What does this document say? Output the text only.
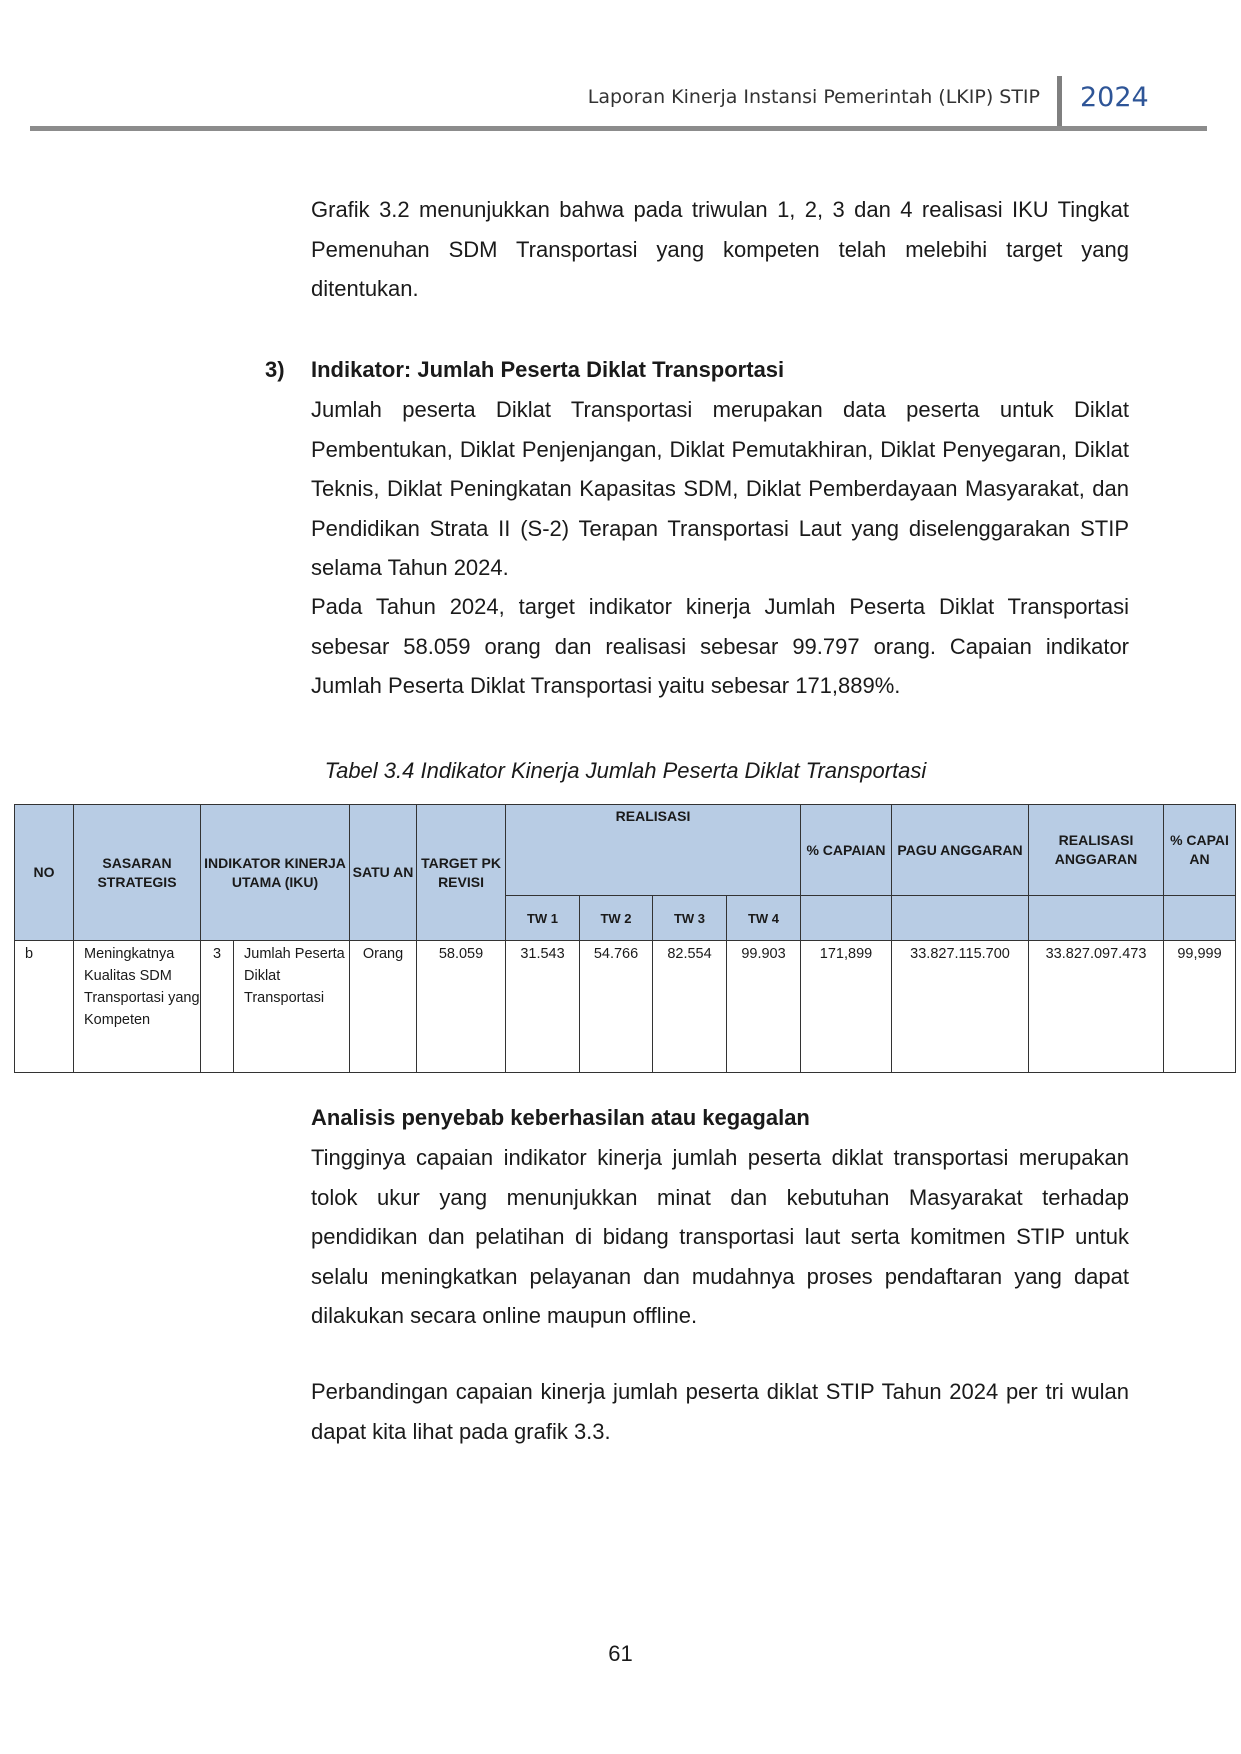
Laporan Kinerja Instansi Pemerintah (LKIP) STIP 2024

Grafik 3.2 menunjukkan bahwa pada triwulan 1, 2, 3 dan 4 realisasi IKU Tingkat Pemenuhan SDM Transportasi yang kompeten telah melebihi target yang ditentukan.

3) Indikator: Jumlah Peserta Diklat Transportasi

Jumlah peserta Diklat Transportasi merupakan data peserta untuk Diklat Pembentukan, Diklat Penjenjangan, Diklat Pemutakhiran, Diklat Penyegaran, Diklat Teknis, Diklat Peningkatan Kapasitas SDM, Diklat Pemberdayaan Masyarakat, dan Pendidikan Strata II (S-2) Terapan Transportasi Laut yang diselenggarakan STIP selama Tahun 2024.

Pada Tahun 2024, target indikator kinerja Jumlah Peserta Diklat Transportasi sebesar 58.059 orang dan realisasi sebesar 99.797 orang. Capaian indikator Jumlah Peserta Diklat Transportasi yaitu sebesar 171,889%.

Tabel 3.4 Indikator Kinerja Jumlah Peserta Diklat Transportasi
NO	SASARAN STRATEGIS	INDIKATOR KINERJA UTAMA (IKU)		SATU AN	TARGET PK REVISI	REALISASI				% CAPAIAN	PAGU ANGGARAN	REALISASI ANGGARAN	% CAPAI AN
						TW 1	TW 2	TW 3	TW 4				
b	Meningkatnya Kualitas SDM Transportasi yang Kompeten	3	Jumlah Peserta Diklat Transportasi	Orang	58.059	31.543	54.766	82.554	99.903	171,899	33.827.115.700	33.827.097.473	99,999

Analisis penyebab keberhasilan atau kegagalan

Tingginya capaian indikator kinerja jumlah peserta diklat transportasi merupakan tolok ukur yang menunjukkan minat dan kebutuhan Masyarakat terhadap pendidikan dan pelatihan di bidang transportasi laut serta komitmen STIP untuk selalu meningkatkan pelayanan dan mudahnya proses pendaftaran yang dapat dilakukan secara online maupun offline.

Perbandingan capaian kinerja jumlah peserta diklat STIP Tahun 2024 per tri wulan dapat kita lihat pada grafik 3.3.

61
